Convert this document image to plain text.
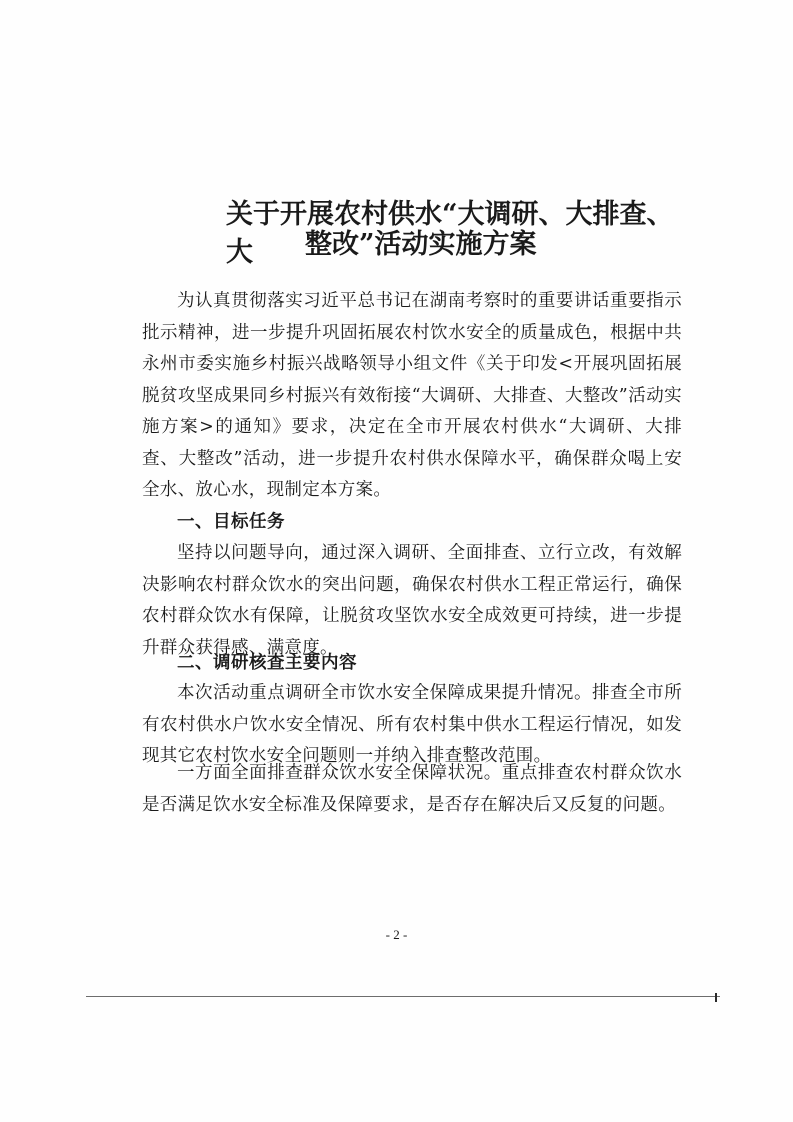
关于开展农村供水“大调研、大排查、大	整改”活动实施方案
为认真贯彻落实习近平总书记在湖南考察时的重要讲话重要指示批示精神，进一步提升巩固拓展农村饮水安全的质量成色，根据中共永州市委实施乡村振兴战略领导小组文件《关于印发<开展巩固拓展脱贫攻坚成果同乡村振兴有效衔接“大调研、大排查、大整改”活动实施方案>的通知》要求，决定在全市开展农村供水“大调研、大排查、大整改”活动，进一步提升农村供水保障水平，确保群众喝上安全水、放心水，现制定本方案。
一、目标任务
坚持以问题导向，通过深入调研、全面排查、立行立改，有效解决影响农村群众饮水的突出问题，确保农村供水工程正常运行，确保农村群众饮水有保障，让脱贫攻坚饮水安全成效更可持续，进一步提升群众获得感、满意度。
二、调研核查主要内容
本次活动重点调研全市饮水安全保障成果提升情况。排查全市所有农村供水户饮水安全情况、所有农村集中供水工程运行情况，如发现其它农村饮水安全问题则一并纳入排查整改范围。
一方面全面排查群众饮水安全保障状况。重点排查农村群众饮水是否满足饮水安全标准及保障要求，是否存在解决后又反复的问题。
- 2 -
